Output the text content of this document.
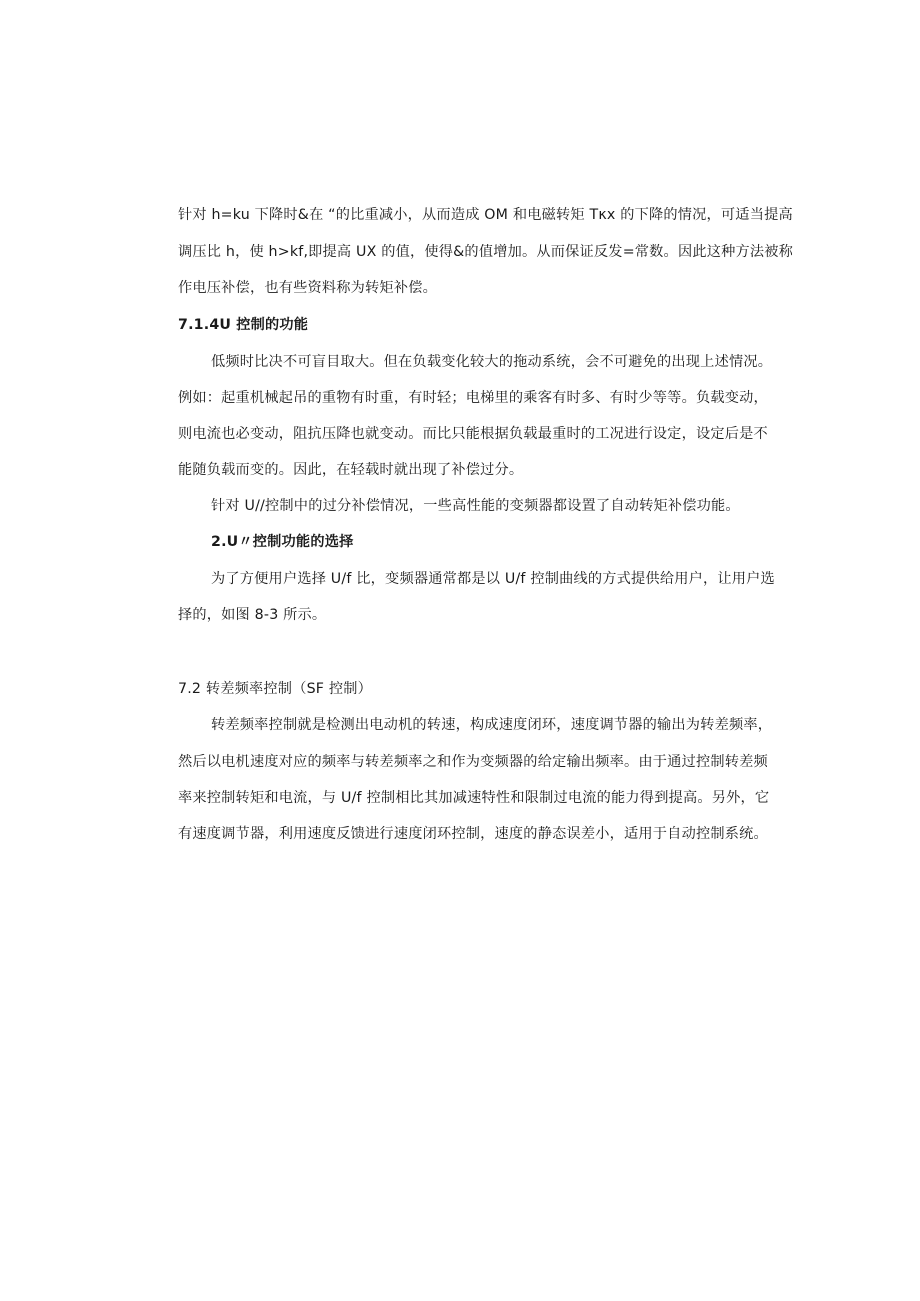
针对 h=ku 下降时&在 “的比重减小，从而造成 OM 和电磁转矩 Tκx 的下降的情况，可适当提高
调压比 h，使 h>kf,即提高 UX 的值，使得&的值增加。从而保证反发=常数。因此这种方法被称
作电压补偿，也有些资料称为转矩补偿。
7.1.4U 控制的功能
低频时比决不可盲目取大。但在负载变化较大的拖动系统，会不可避免的出现上述情况。
例如：起重机械起吊的重物有时重，有时轻；电梯里的乘客有时多、有时少等等。负载变动，
则电流也必变动，阻抗压降也就变动。而比只能根据负载最重时的工况进行设定，设定后是不
能随负载而变的。因此，在轻载时就出现了补偿过分。
针对 U//控制中的过分补偿情况，一些高性能的变频器都设置了自动转矩补偿功能。
2.U〃控制功能的选择
为了方便用户选择 U/f 比，变频器通常都是以 U/f 控制曲线的方式提供给用户，让用户选
择的，如图 8-3 所示。
7.2 转差频率控制（SF 控制）
转差频率控制就是检测出电动机的转速，构成速度闭环，速度调节器的输出为转差频率，
然后以电机速度对应的频率与转差频率之和作为变频器的给定输出频率。由于通过控制转差频
率来控制转矩和电流，与 U/f 控制相比其加减速特性和限制过电流的能力得到提高。另外，它
有速度调节器，利用速度反馈进行速度闭环控制，速度的静态误差小，适用于自动控制系统。
